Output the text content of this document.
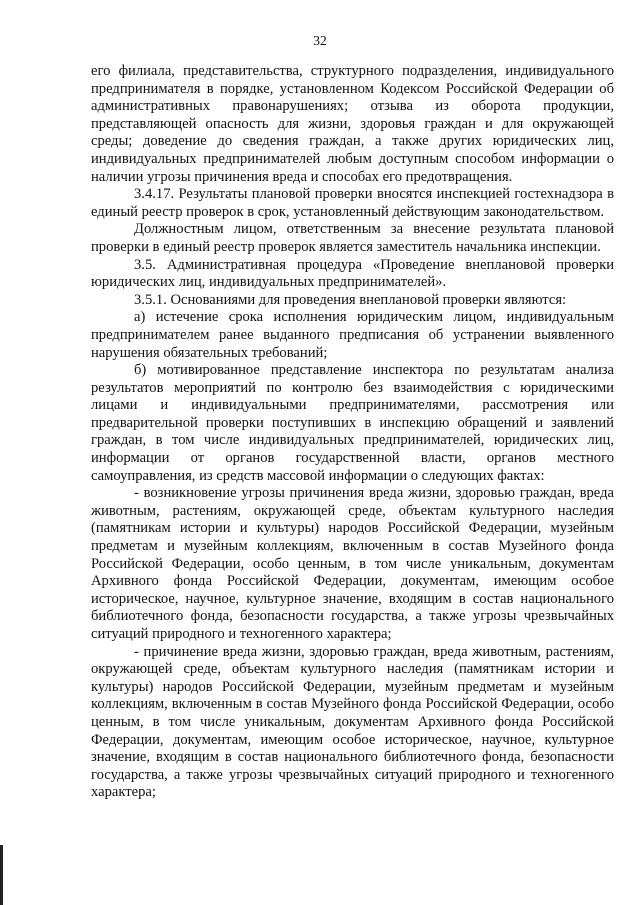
32

его филиала, представительства, структурного подразделения, индивидуального предпринимателя в порядке, установленном Кодексом Российской Федерации об административных правонарушениях; отзыва из оборота продукции, представляющей опасность для жизни, здоровья граждан и для окружающей среды; доведение до сведения граждан, а также других юридических лиц, индивидуальных предпринимателей любым доступным способом информации о наличии угрозы причинения вреда и способах его предотвращения.

3.4.17. Результаты плановой проверки вносятся инспекцией гостехнадзора в единый реестр проверок в срок, установленный действующим законодательством.

Должностным лицом, ответственным за внесение результата плановой проверки в единый реестр проверок является заместитель начальника инспекции.

3.5. Административная процедура «Проведение внеплановой проверки юридических лиц, индивидуальных предпринимателей».

3.5.1. Основаниями для проведения внеплановой проверки являются:

а) истечение срока исполнения юридическим лицом, индивидуальным предпринимателем ранее выданного предписания об устранении выявленного нарушения обязательных требований;

б) мотивированное представление инспектора по результатам анализа результатов мероприятий по контролю без взаимодействия с юридическими лицами и индивидуальными предпринимателями, рассмотрения или предварительной проверки поступивших в инспекцию обращений и заявлений граждан, в том числе индивидуальных предпринимателей, юридических лиц, информации от органов государственной власти, органов местного самоуправления, из средств массовой информации о следующих фактах:

- возникновение угрозы причинения вреда жизни, здоровью граждан, вреда животным, растениям, окружающей среде, объектам культурного наследия (памятникам истории и культуры) народов Российской Федерации, музейным предметам и музейным коллекциям, включенным в состав Музейного фонда Российской Федерации, особо ценным, в том числе уникальным, документам Архивного фонда Российской Федерации, документам, имеющим особое историческое, научное, культурное значение, входящим в состав национального библиотечного фонда, безопасности государства, а также угрозы чрезвычайных ситуаций природного и техногенного характера;

- причинение вреда жизни, здоровью граждан, вреда животным, растениям, окружающей среде, объектам культурного наследия (памятникам истории и культуры) народов Российской Федерации, музейным предметам и музейным коллекциям, включенным в состав Музейного фонда Российской Федерации, особо ценным, в том числе уникальным, документам Архивного фонда Российской Федерации, документам, имеющим особое историческое, научное, культурное значение, входящим в состав национального библиотечного фонда, безопасности государства, а также угрозы чрезвычайных ситуаций природного и техногенного характера;
